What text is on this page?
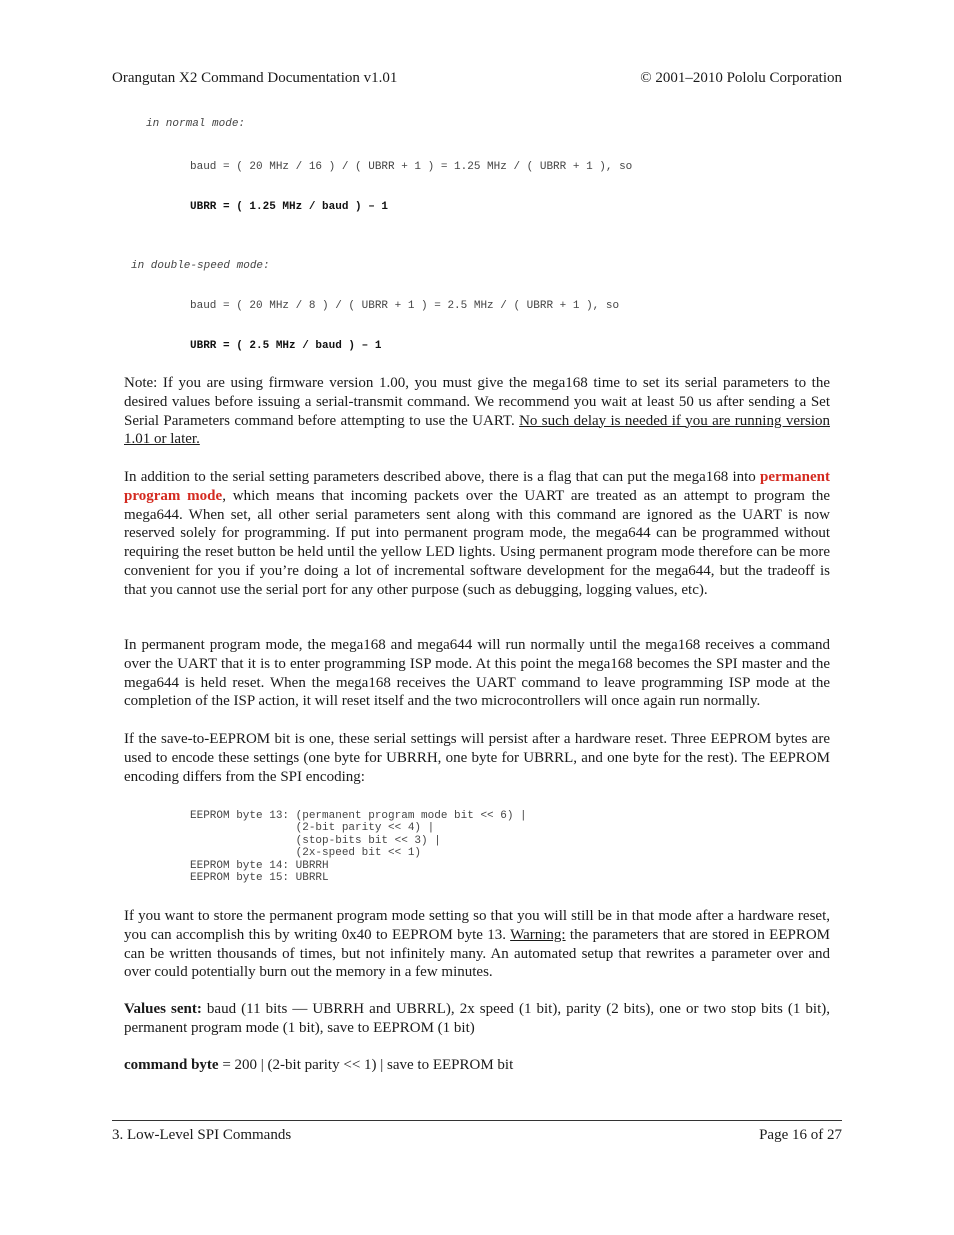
Orangutan X2 Command Documentation v1.01	© 2001–2010 Pololu Corporation
in normal mode:
baud = ( 20 MHz / 16 ) / ( UBRR + 1 ) = 1.25 MHz / ( UBRR + 1 ), so
UBRR = ( 1.25 MHz / baud ) – 1
in double-speed mode:
baud = ( 20 MHz / 8 ) / ( UBRR + 1 ) = 2.5 MHz / ( UBRR + 1 ), so
UBRR = ( 2.5 MHz / baud ) – 1
Note: If you are using firmware version 1.00, you must give the mega168 time to set its serial parameters to the desired values before issuing a serial-transmit command. We recommend you wait at least 50 us after sending a Set Serial Parameters command before attempting to use the UART. No such delay is needed if you are running version 1.01 or later.
In addition to the serial setting parameters described above, there is a flag that can put the mega168 into permanent program mode, which means that incoming packets over the UART are treated as an attempt to program the mega644. When set, all other serial parameters sent along with this command are ignored as the UART is now reserved solely for programming. If put into permanent program mode, the mega644 can be programmed without requiring the reset button be held until the yellow LED lights. Using permanent program mode therefore can be more convenient for you if you’re doing a lot of incremental software development for the mega644, but the tradeoff is that you cannot use the serial port for any other purpose (such as debugging, logging values, etc).
In permanent program mode, the mega168 and mega644 will run normally until the mega168 receives a command over the UART that it is to enter programming ISP mode. At this point the mega168 becomes the SPI master and the mega644 is held reset. When the mega168 receives the UART command to leave programming ISP mode at the completion of the ISP action, it will reset itself and the two microcontrollers will once again run normally.
If the save-to-EEPROM bit is one, these serial settings will persist after a hardware reset. Three EEPROM bytes are used to encode these settings (one byte for UBRRH, one byte for UBRRL, and one byte for the rest). The EEPROM encoding differs from the SPI encoding:
EEPROM byte 13: (permanent program mode bit << 6) |
(2-bit parity << 4) |
(stop-bits bit << 3) |
(2x-speed bit << 1)
EEPROM byte 14: UBRRH
EEPROM byte 15: UBRRL
If you want to store the permanent program mode setting so that you will still be in that mode after a hardware reset, you can accomplish this by writing 0x40 to EEPROM byte 13. Warning: the parameters that are stored in EEPROM can be written thousands of times, but not infinitely many. An automated setup that rewrites a parameter over and over could potentially burn out the memory in a few minutes.
Values sent: baud (11 bits — UBRRH and UBRRL), 2x speed (1 bit), parity (2 bits), one or two stop bits (1 bit), permanent program mode (1 bit), save to EEPROM (1 bit)
command byte = 200 | (2-bit parity << 1) | save to EEPROM bit
3. Low-Level SPI Commands	Page 16 of 27
